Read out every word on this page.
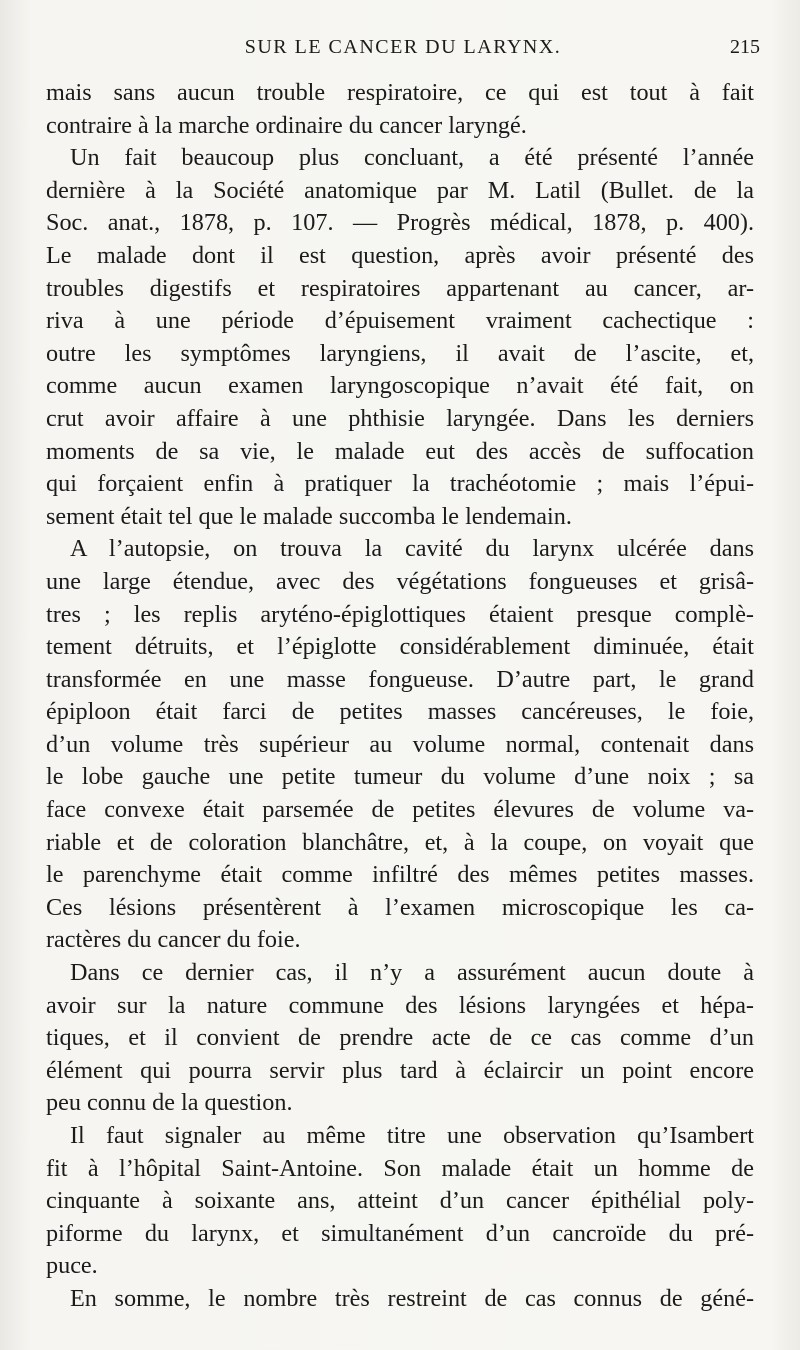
SUR LE CANCER DU LARYNX.	215
mais sans aucun trouble respiratoire, ce qui est tout à fait
contraire à la marche ordinaire du cancer laryngé.
Un fait beaucoup plus concluant, a été présenté l’année
dernière à la Société anatomique par M. Latil (Bullet. de la
Soc. anat., 1878, p. 107. — Progrès médical, 1878, p. 400).
Le malade dont il est question, après avoir présenté des
troubles digestifs et respiratoires appartenant au cancer, ar-
riva à une période d’épuisement vraiment cachectique :
outre les symptômes laryngiens, il avait de l’ascite, et,
comme aucun examen laryngoscopique n’avait été fait, on
crut avoir affaire à une phthisie laryngée. Dans les derniers
moments de sa vie, le malade eut des accès de suffocation
qui forçaient enfin à pratiquer la trachéotomie ; mais l’épui-
sement était tel que le malade succomba le lendemain.
A l’autopsie, on trouva la cavité du larynx ulcérée dans
une large étendue, avec des végétations fongueuses et grisâ-
tres ; les replis aryténo-épiglottiques étaient presque complè-
tement détruits, et l’épiglotte considérablement diminuée, était
transformée en une masse fongueuse. D’autre part, le grand
épiploon était farci de petites masses cancéreuses, le foie,
d’un volume très supérieur au volume normal, contenait dans
le lobe gauche une petite tumeur du volume d’une noix ; sa
face convexe était parsemée de petites élevures de volume va-
riable et de coloration blanchâtre, et, à la coupe, on voyait que
le parenchyme était comme infiltré des mêmes petites masses.
Ces lésions présentèrent à l’examen microscopique les ca-
ractères du cancer du foie.
Dans ce dernier cas, il n’y a assurément aucun doute à
avoir sur la nature commune des lésions laryngées et hépa-
tiques, et il convient de prendre acte de ce cas comme d’un
élément qui pourra servir plus tard à éclaircir un point encore
peu connu de la question.
Il faut signaler au même titre une observation qu’Isambert
fit à l’hôpital Saint-Antoine. Son malade était un homme de
cinquante à soixante ans, atteint d’un cancer épithélial poly-
piforme du larynx, et simultanément d’un cancroïde du pré-
puce.
En somme, le nombre très restreint de cas connus de géné-
